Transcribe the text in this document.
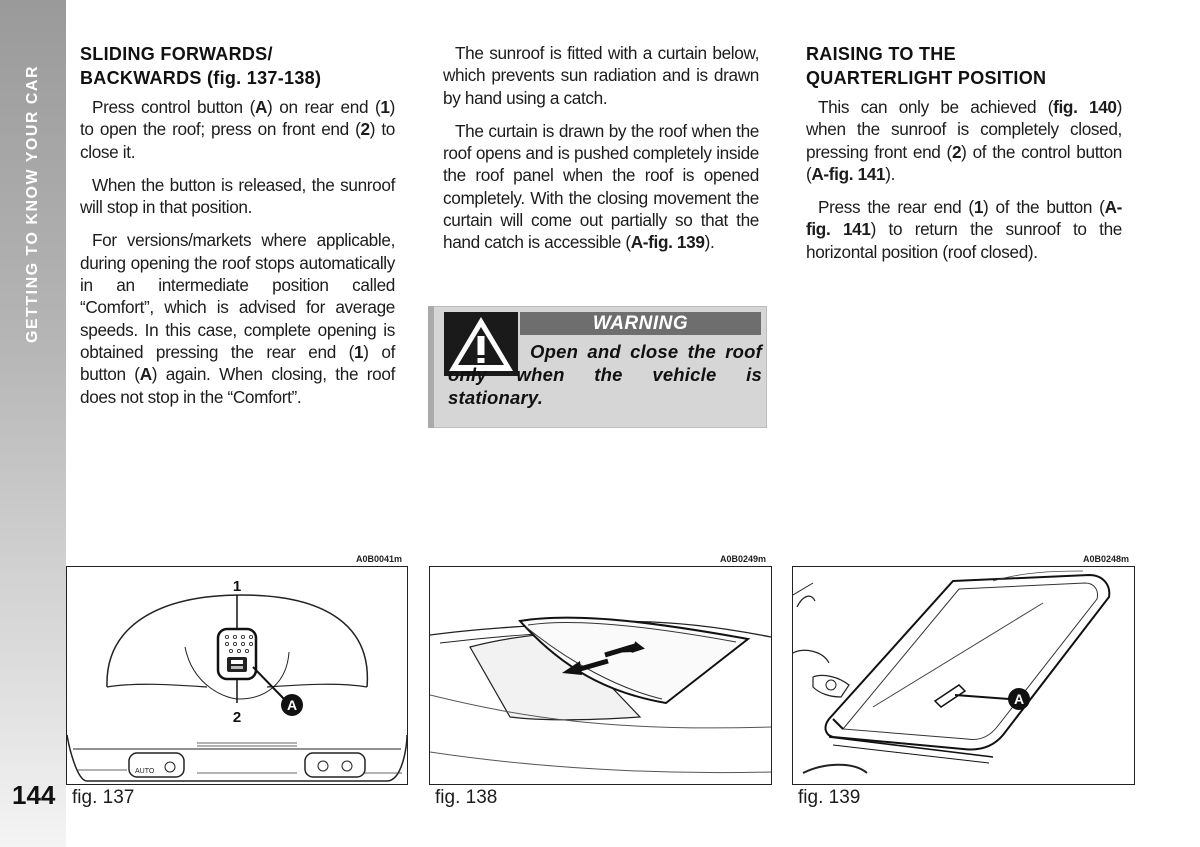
GETTING TO KNOW YOUR CAR
144
SLIDING FORWARDS/
BACKWARDS (fig. 137-138)

Press control button (A) on rear end (1) to open the roof; press on front end (2) to close it.

When the button is released, the sunroof will stop in that position.

For versions/markets where applicable, during opening the roof stops automatically in an intermediate position called “Comfort”, which is advised for average speeds. In this case, complete opening is obtained pressing the rear end (1) of button (A) again. When closing, the roof does not stop in the “Comfort”.

The sunroof is fitted with a curtain below, which prevents sun radiation and is drawn by hand using a catch.

The curtain is drawn by the roof when the roof opens and is pushed completely inside the roof panel when the roof is opened completely. With the closing movement the curtain will come out partially so that the hand catch is accessible (A-fig. 139).

WARNING
Open and close the roof only when the vehicle is stationary.
RAISING TO THE
QUARTERLIGHT POSITION

This can only be achieved (fig. 140) when the sunroof is completely closed, pressing front end (2) of the control button (A-fig. 141).

Press the rear end (1) of the button (A-fig. 141) to return the sunroof to the horizontal position (roof closed).

A0B0041m
1
2
A
AUTO
fig. 137
A0B0249m
fig. 138
A0B0248m
A
fig. 139
